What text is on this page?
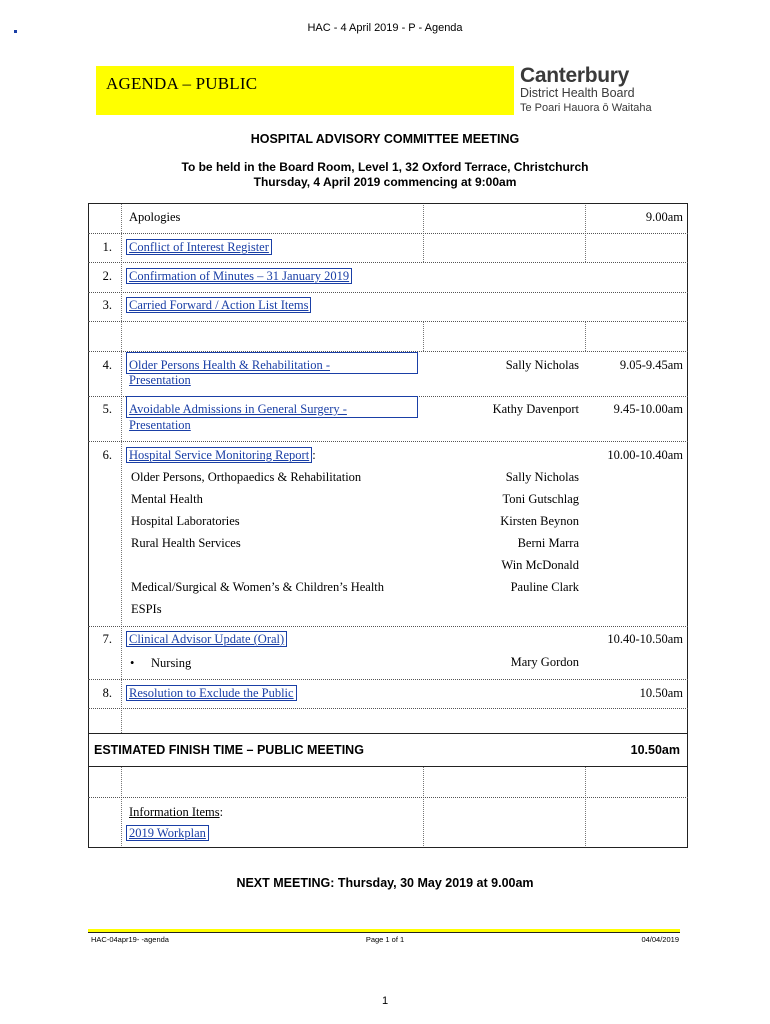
HAC - 4 April 2019 - P - Agenda
AGENDA – PUBLIC	Canterbury
District Health Board
Te Poari Hauora ō Waitaha
HOSPITAL ADVISORY COMMITTEE MEETING
To be held in the Board Room, Level 1, 32 Oxford Terrace, Christchurch
Thursday, 4 April 2019 commencing at 9:00am
Apologies	9.00am
1. Conflict of Interest Register
2. Confirmation of Minutes – 31 January 2019
3. Carried Forward / Action List Items
4. Older Persons Health & Rehabilitation -
Presentation
Sally Nicholas	9.05-9.45am
5. Avoidable Admissions in General Surgery -
Presentation
Kathy Davenport	9.45-10.00am
6. Hospital Service Monitoring Report :	10.00-10.40am
Older Persons, Orthopaedics & Rehabilitation	Sally Nicholas
Mental Health	Toni Gutschlag
Hospital Laboratories	Kirsten Beynon
Rural Health Services	Berni Marra
Win McDonald
Medical/Surgical & Women’s & Children’s Health	Pauline Clark
ESPIs
7. Clinical Advisor Update (Oral)	10.40-10.50am
• Nursing	Mary Gordon
8. Resolution to Exclude the Public	10.50am
ESTIMATED FINISH TIME – PUBLIC MEETING	10.50am
Information Items:
2019 Workplan
NEXT MEETING: Thursday, 30 May 2019 at 9.00am
HAC-04apr19- -agenda	Page 1 of 1	04/04/2019
1
